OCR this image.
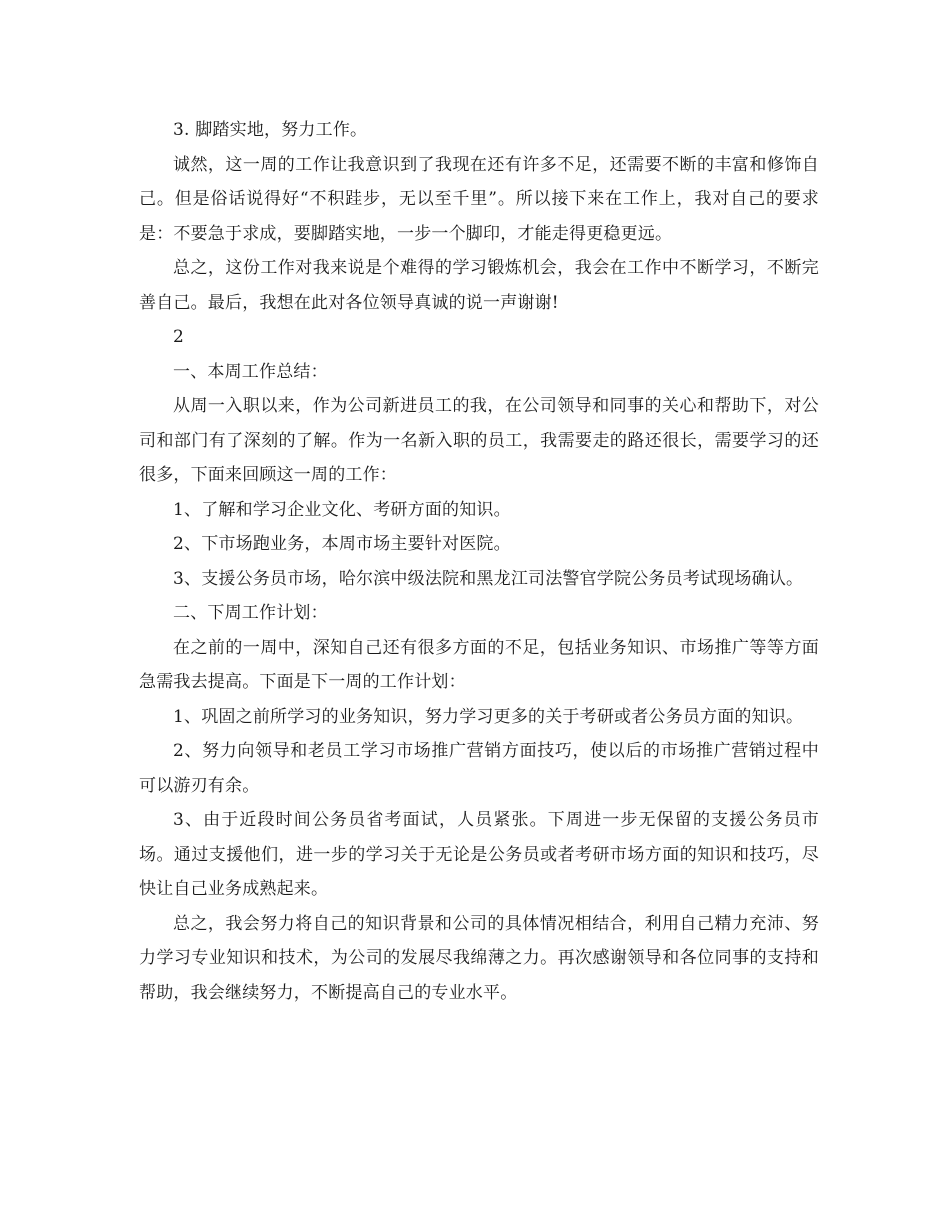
3. 脚踏实地，努力工作。

诚然，这一周的工作让我意识到了我现在还有许多不足，还需要不断的丰富和修饰自己。但是俗话说得好“不积跬步，无以至千里”。所以接下来在工作上，我对自己的要求是：不要急于求成，要脚踏实地，一步一个脚印，才能走得更稳更远。

总之，这份工作对我来说是个难得的学习锻炼机会，我会在工作中不断学习，不断完善自己。最后，我想在此对各位领导真诚的说一声谢谢!

2

一、本周工作总结：

从周一入职以来，作为公司新进员工的我，在公司领导和同事的关心和帮助下，对公司和部门有了深刻的了解。作为一名新入职的员工，我需要走的路还很长，需要学习的还很多，下面来回顾这一周的工作：

1、了解和学习企业文化、考研方面的知识。

2、下市场跑业务，本周市场主要针对医院。

3、支援公务员市场，哈尔滨中级法院和黑龙江司法警官学院公务员考试现场确认。

二、下周工作计划：

在之前的一周中，深知自己还有很多方面的不足，包括业务知识、市场推广等等方面急需我去提高。下面是下一周的工作计划：

1、巩固之前所学习的业务知识，努力学习更多的关于考研或者公务员方面的知识。

2、努力向领导和老员工学习市场推广营销方面技巧，使以后的市场推广营销过程中可以游刃有余。

3、由于近段时间公务员省考面试，人员紧张。下周进一步无保留的支援公务员市场。通过支援他们，进一步的学习关于无论是公务员或者考研市场方面的知识和技巧，尽快让自己业务成熟起来。

总之，我会努力将自己的知识背景和公司的具体情况相结合，利用自己精力充沛、努力学习专业知识和技术，为公司的发展尽我绵薄之力。再次感谢领导和各位同事的支持和帮助，我会继续努力，不断提高自己的专业水平。
